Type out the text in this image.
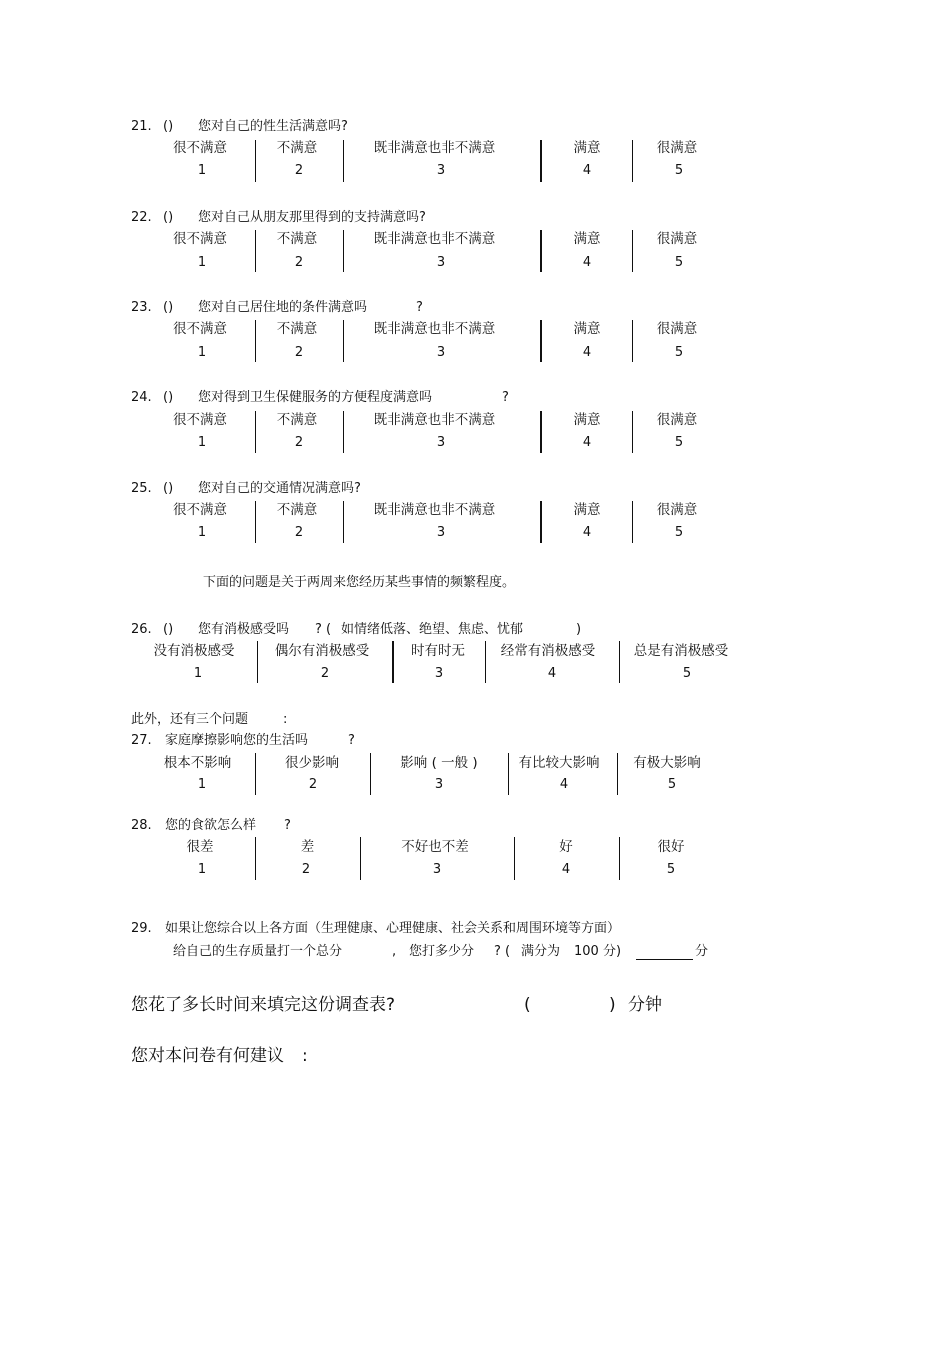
21. () 您对自己的性生活满意吗?
很不满意	不满意	既非满意也非不满意	满意	很满意
1	2	3	4	5
22. () 您对自己从朋友那里得到的支持满意吗?
很不满意	不满意	既非满意也非不满意	满意	很满意
1	2	3	4	5
23. () 您对自己居住地的条件满意吗	?
很不满意	不满意	既非满意也非不满意	满意	很满意
1	2	3	4	5
24. () 您对得到卫生保健服务的方便程度满意吗	?
很不满意	不满意	既非满意也非不满意	满意	很满意
1	2	3	4	5
25. () 您对自己的交通情况满意吗?
很不满意	不满意	既非满意也非不满意	满意	很满意
1	2	3	4	5
下面的问题是关于两周来您经历某些事情的频繁程度。
26. () 您有消极感受吗 ? ( 如情绪低落、绝望、焦虑、忧郁	)
没有消极感受	偶尔有消极感受	时有时无	经常有消极感受	总是有消极感受
1	2	3	4	5
此外，还有三个问题	:
27. 家庭摩擦影响您的生活吗	?
根本不影响	很少影响	影响 ( 一般 )	有比较大影响	有极大影响
1	2	3	4	5
28. 您的食欲怎么样 ?
很差	差	不好也不差	好	很好
1	2	3	4	5
29. 如果让您综合以上各方面（生理健康、心理健康、社会关系和周围环境等方面）
给自己的生存质量打一个总分	, 您打多少分 ? ( 满分为 100 分)	分
您花了多长时间来填完这份调查表?	(	) 分钟
您对本问卷有何建议 :
